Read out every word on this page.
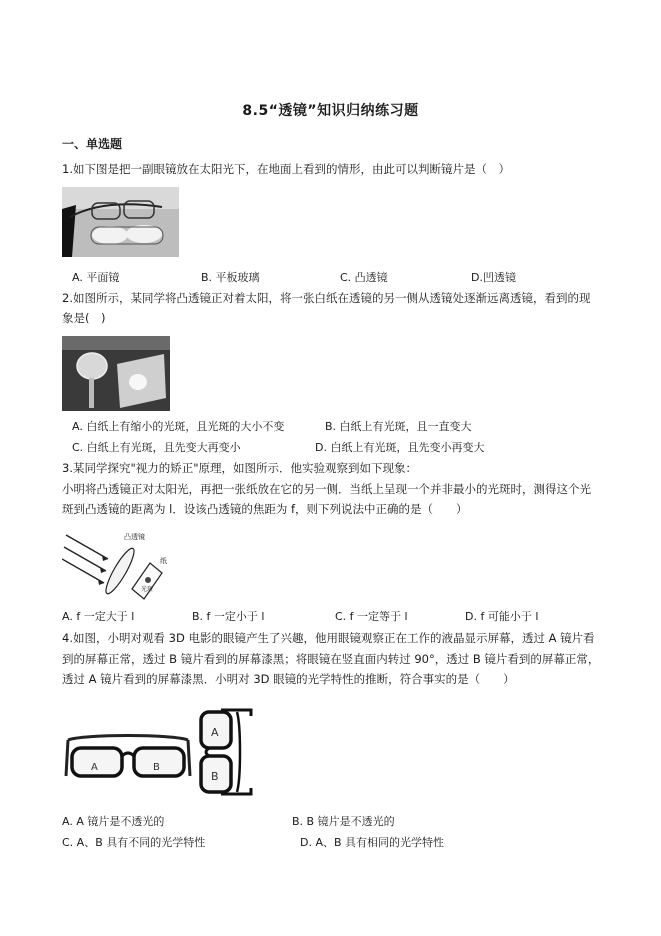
8.5“透镜”知识归纳练习题
一、单选题
1.如下图是把一副眼镜放在太阳光下，在地面上看到的情形，由此可以判断镜片是（　）
A. 平面镜	B. 平板玻璃	C. 凸透镜	D.凹透镜
2.如图所示，某同学将凸透镜正对着太阳，将一张白纸在透镜的另一侧从透镜处逐渐远离透镜，看到的现
象是(　)
A. 白纸上有缩小的光斑，且光斑的大小不变	B. 白纸上有光斑，且一直变大
C. 白纸上有光斑，且先变大再变小	D. 白纸上有光斑，且先变小再变大
3.某同学探究"视力的矫正"原理，如图所示．他实验观察到如下现象：
小明将凸透镜正对太阳光，再把一张纸放在它的另一侧．当纸上呈现一个并非最小的光斑时，测得这个光
斑到凸透镜的距离为 l．设该凸透镜的焦距为 f，则下列说法中正确的是（　　）
凸透镜
纸
光斑
A. f 一定大于 l	B. f 一定小于 l	C. f 一定等于 l	D. f 可能小于 l
4.如图，小明对观看 3D 电影的眼镜产生了兴趣，他用眼镜观察正在工作的液晶显示屏幕，透过 A 镜片看
到的屏幕正常，透过 B 镜片看到的屏幕漆黑；将眼镜在竖直面内转过 90°，透过 B 镜片看到的屏幕正常，
透过 A 镜片看到的屏幕漆黑．小明对 3D 眼镜的光学特性的推断，符合事实的是（　　）
A	B
A
B
A. A 镜片是不透光的	B. B 镜片是不透光的
C. A、B 具有不同的光学特性	D. A、B 具有相同的光学特性
